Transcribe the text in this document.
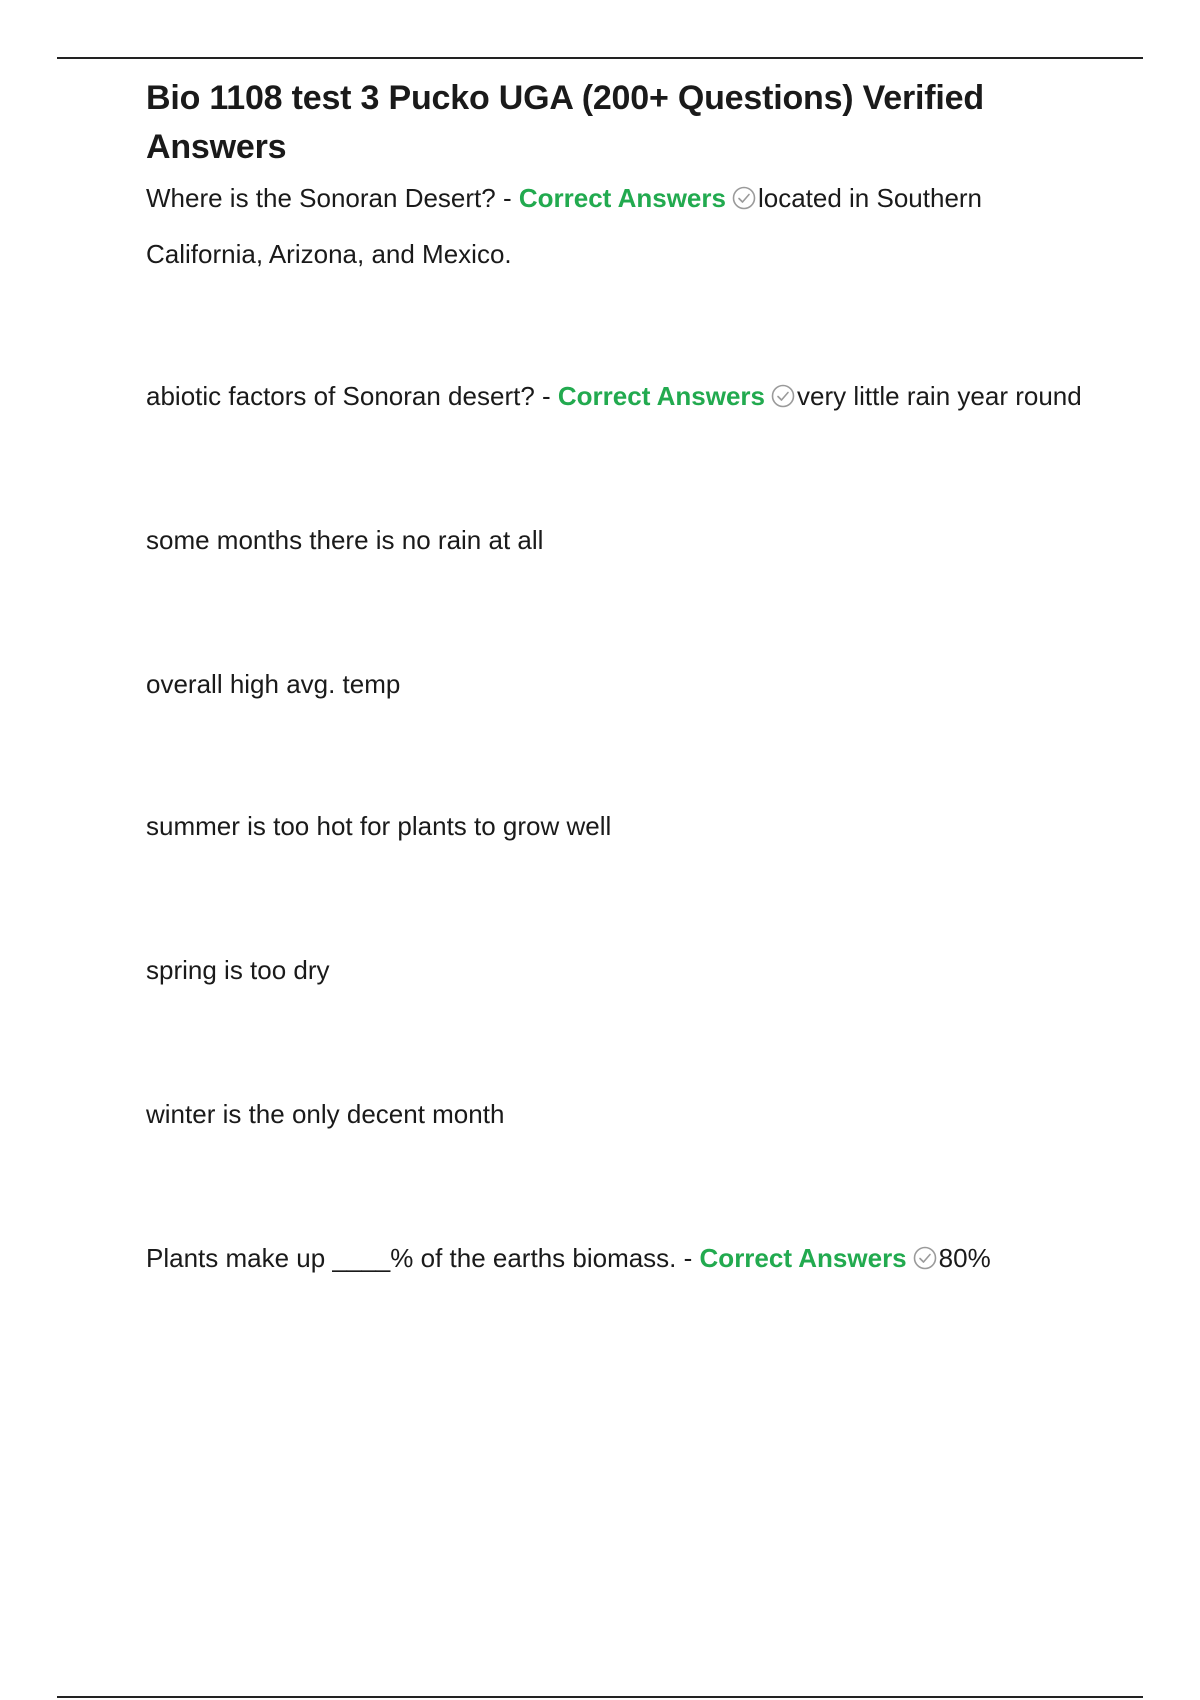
Bio 1108 test 3 Pucko UGA (200+ Questions) Verified Answers

Where is the Sonoran Desert? - Correct Answers located in Southern California, Arizona, and Mexico.

abiotic factors of Sonoran desert? - Correct Answers very little rain year round

some months there is no rain at all

overall high avg. temp

summer is too hot for plants to grow well

spring is too dry

winter is the only decent month

Plants make up ____% of the earths biomass. - Correct Answers 80%
